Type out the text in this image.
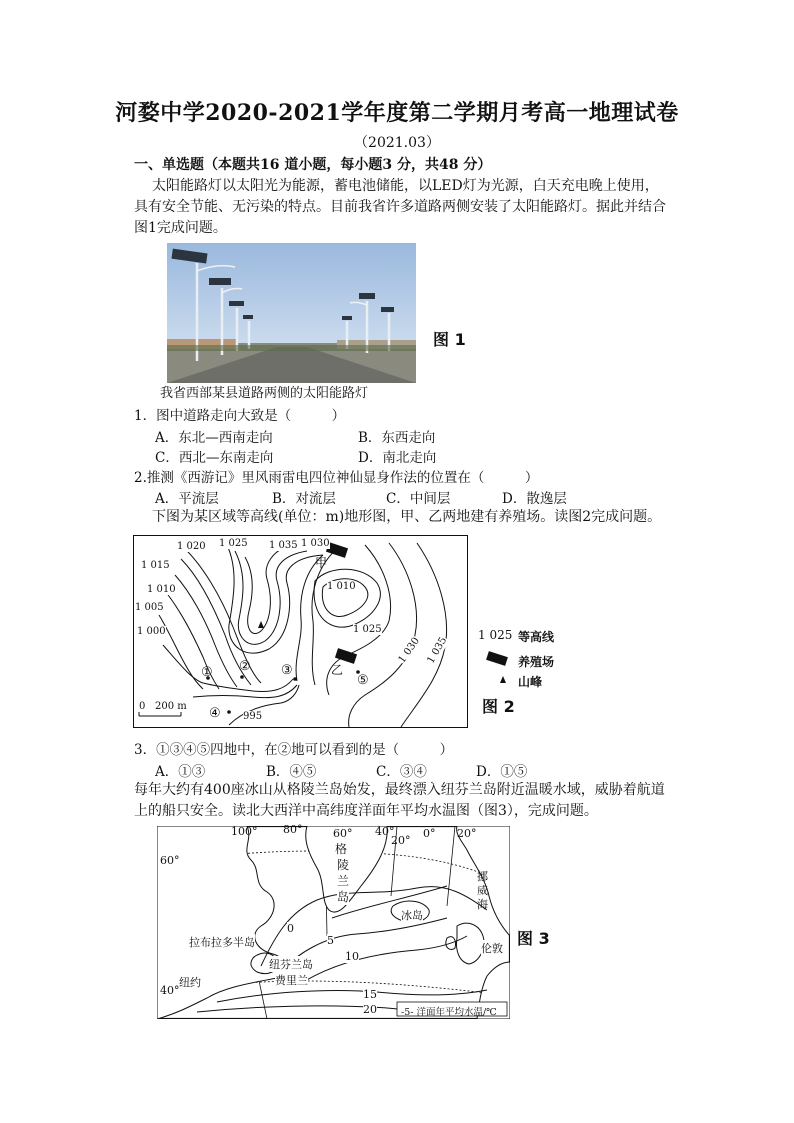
河婺中学2020-2021学年度第二学期月考高一地理试卷
（2021.03）
一、单选题（本题共16 道小题，每小题3 分，共48 分）
太阳能路灯以太阳光为能源，蓄电池储能，以LED灯为光源，白天充电晚上使用，
具有安全节能、无污染的特点。目前我省许多道路两侧安装了太阳能路灯。据此并结合
图1完成问题。
图 1
我省西部某县道路两侧的太阳能路灯
1．图中道路走向大致是（　　　）
A．东北—西南走向	B．东西走向
C．西北—东南走向	D．南北走向
2.推测《西游记》里风雨雷电四位神仙显身作法的位置在（　　　）
A．平流层	B．对流层	C．中间层	D．散逸层
下图为某区域等高线(单位：m)地形图，甲、乙两地建有养殖场。读图2完成问题。
1 020 1 025 1 035 1 030
1 015
1 010
1 005
1 000
1 010
1 025
1 030 1 035
995
甲
乙
① ② ③
④
⑤
0 200 m
1 025 等高线
养殖场
山峰
图 2
3．①③④⑤四地中，在②地可以看到的是（　　　）
A．①③	B．④⑤	C．③④	D．①⑤
每年大约有400座冰山从格陵兰岛始发，最终漂入纽芬兰岛附近温暖水域，威胁着航道
上的船只安全。读北大西洋中高纬度洋面年平均水温图（图3），完成问题。
100° 80°	60° 40°
20°
0° 20°
60°
40°
格
陵
兰
岛
挪
威
海
冰岛
拉布拉多半岛
纽芬兰岛
费里兰
纽约
伦敦
0
5
10
15
20	-5- 洋面年平均水温/℃
图 3
